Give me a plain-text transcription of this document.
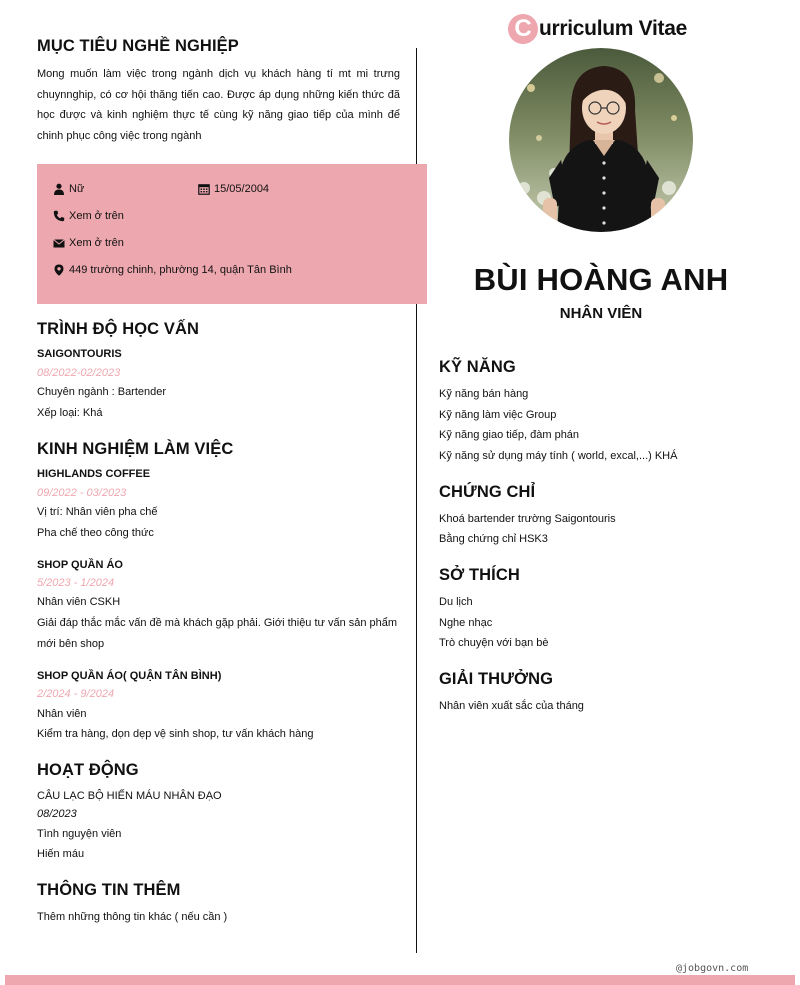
C urriculum Vitae
BÙI HOÀNG ANH
NHÂN VIÊN
MỤC TIÊU NGHỀ NGHIỆP
Mong muốn làm việc trong ngành dịch vụ khách hàng tí mt mi trưng chuynnghip, có cơ hội thăng tiến cao. Được áp dụng những kiến thức đã học được và kinh nghiệm thực tế cùng kỹ năng giao tiếp của mình để chinh phục công việc trong ngành
Nữ	15/05/2004
Xem ở trên
Xem ở trên
449 trường chinh, phường 14, quận Tân Bình
TRÌNH ĐỘ HỌC VẤN
SAIGONTOURIS
08/2022-02/2023
Chuyên ngành : Bartender
Xếp loại: Khá
KINH NGHIỆM LÀM VIỆC
HIGHLANDS COFFEE
09/2022 - 03/2023
Vị trí: Nhân viên pha chế
Pha chế theo công thức
SHOP QUẦN ÁO
5/2023 - 1/2024
Nhân viên CSKH
Giải đáp thắc mắc vấn đề mà khách gặp phải. Giới thiệu tư vấn sản phẩm
mới bên shop
SHOP QUẦN ÁO( QUẬN TÂN BÌNH)
2/2024 - 9/2024
Nhân viên
Kiểm tra hàng, dọn dẹp vệ sinh shop, tư vấn khách hàng
HOẠT ĐỘNG
CÂU LẠC BỘ HIẾN MÁU NHÂN ĐẠO
08/2023
Tình nguyện viên
Hiến máu
THÔNG TIN THÊM
Thêm những thông tin khác ( nếu cần )
KỸ NĂNG
Kỹ năng bán hàng
Kỹ năng làm việc Group
Kỹ năng giao tiếp, đàm phán
Kỹ năng sử dụng máy tính ( world, excal,...) KHÁ
CHỨNG CHỈ
Khoá bartender trường Saigontouris
Bằng chứng chỉ HSK3
SỞ THÍCH
Du lịch
Nghe nhạc
Trò chuyện với bạn bè
GIẢI THƯỞNG
Nhân viên xuất sắc của tháng
@jobgovn.com
